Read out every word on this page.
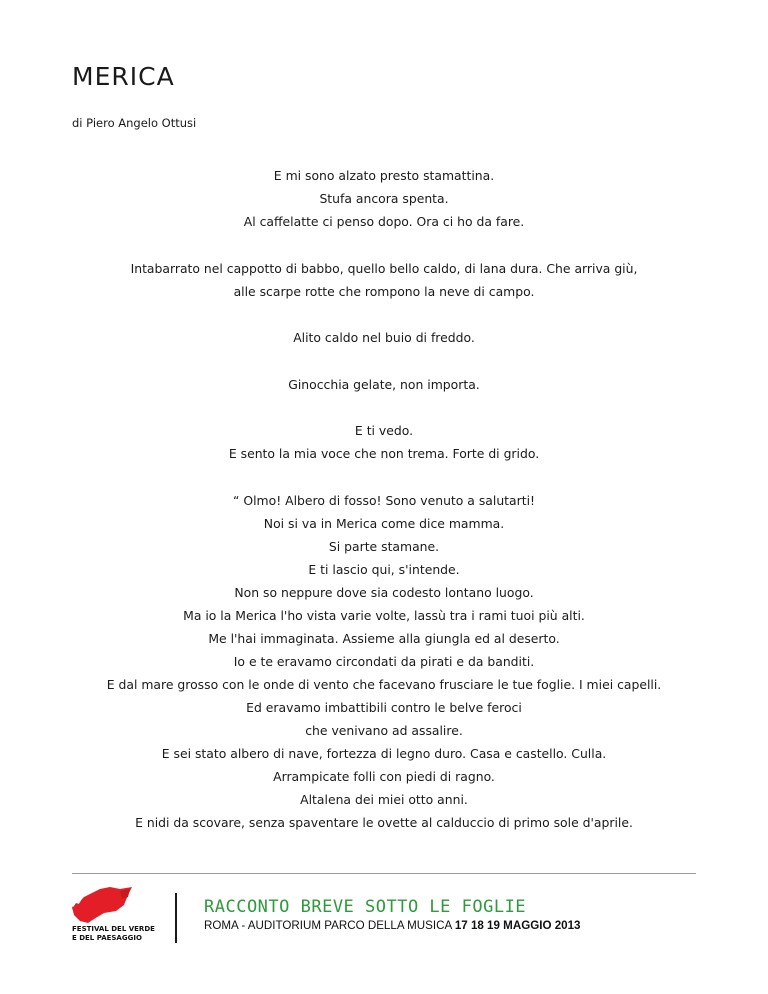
MERICA
di Piero Angelo Ottusi
E mi sono alzato presto stamattina.
Stufa ancora spenta.
Al caffelatte ci penso dopo. Ora ci ho da fare.
Intabarrato nel cappotto di babbo, quello bello caldo, di lana dura. Che arriva giù,
alle scarpe rotte che rompono la neve di campo.
Alito caldo nel buio di freddo.
Ginocchia gelate, non importa.
E ti vedo.
E sento la mia voce che non trema. Forte di grido.
“ Olmo! Albero di fosso! Sono venuto a salutarti!
Noi si va in Merica come dice mamma.
Si parte stamane.
E ti lascio qui, s'intende.
Non so neppure dove sia codesto lontano luogo.
Ma io la Merica l'ho vista varie volte, lassù tra i rami tuoi più alti.
Me l'hai immaginata. Assieme alla giungla ed al deserto.
Io e te eravamo circondati da pirati e da banditi.
E dal mare grosso con le onde di vento che facevano frusciare le tue foglie. I miei capelli.
Ed eravamo imbattibili contro le belve feroci
che venivano ad assalire.
E sei stato albero di nave, fortezza di legno duro. Casa e castello. Culla.
Arrampicate folli con piedi di ragno.
Altalena dei miei otto anni.
E nidi da scovare, senza spaventare le ovette al calduccio di primo sole d'aprile.
FESTIVAL DEL VERDE
E DEL PAESAGGIO
RACCONTO BREVE SOTTO LE FOGLIE
ROMA - AUDITORIUM PARCO DELLA MUSICA 17 18 19 MAGGIO 2013
